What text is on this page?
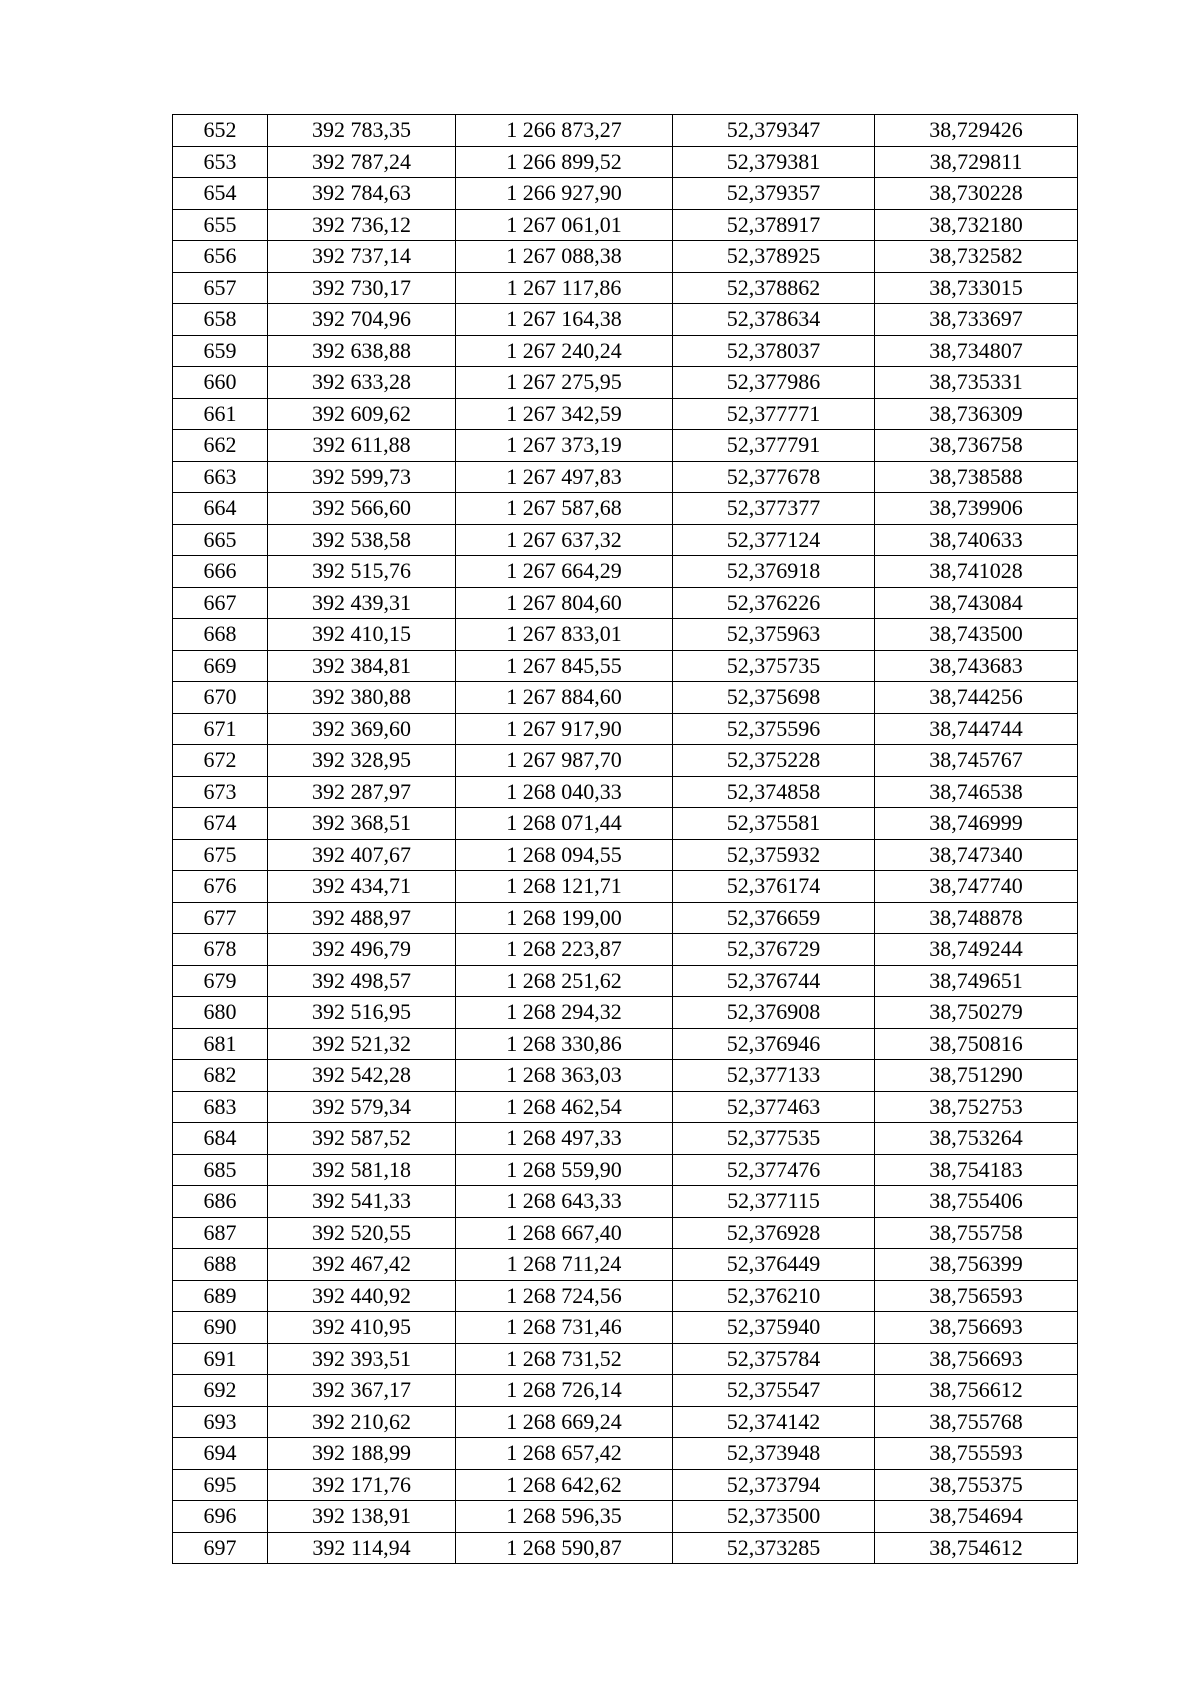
652	392 783,35	1 266 873,27	52,379347	38,729426
653	392 787,24	1 266 899,52	52,379381	38,729811
654	392 784,63	1 266 927,90	52,379357	38,730228
655	392 736,12	1 267 061,01	52,378917	38,732180
656	392 737,14	1 267 088,38	52,378925	38,732582
657	392 730,17	1 267 117,86	52,378862	38,733015
658	392 704,96	1 267 164,38	52,378634	38,733697
659	392 638,88	1 267 240,24	52,378037	38,734807
660	392 633,28	1 267 275,95	52,377986	38,735331
661	392 609,62	1 267 342,59	52,377771	38,736309
662	392 611,88	1 267 373,19	52,377791	38,736758
663	392 599,73	1 267 497,83	52,377678	38,738588
664	392 566,60	1 267 587,68	52,377377	38,739906
665	392 538,58	1 267 637,32	52,377124	38,740633
666	392 515,76	1 267 664,29	52,376918	38,741028
667	392 439,31	1 267 804,60	52,376226	38,743084
668	392 410,15	1 267 833,01	52,375963	38,743500
669	392 384,81	1 267 845,55	52,375735	38,743683
670	392 380,88	1 267 884,60	52,375698	38,744256
671	392 369,60	1 267 917,90	52,375596	38,744744
672	392 328,95	1 267 987,70	52,375228	38,745767
673	392 287,97	1 268 040,33	52,374858	38,746538
674	392 368,51	1 268 071,44	52,375581	38,746999
675	392 407,67	1 268 094,55	52,375932	38,747340
676	392 434,71	1 268 121,71	52,376174	38,747740
677	392 488,97	1 268 199,00	52,376659	38,748878
678	392 496,79	1 268 223,87	52,376729	38,749244
679	392 498,57	1 268 251,62	52,376744	38,749651
680	392 516,95	1 268 294,32	52,376908	38,750279
681	392 521,32	1 268 330,86	52,376946	38,750816
682	392 542,28	1 268 363,03	52,377133	38,751290
683	392 579,34	1 268 462,54	52,377463	38,752753
684	392 587,52	1 268 497,33	52,377535	38,753264
685	392 581,18	1 268 559,90	52,377476	38,754183
686	392 541,33	1 268 643,33	52,377115	38,755406
687	392 520,55	1 268 667,40	52,376928	38,755758
688	392 467,42	1 268 711,24	52,376449	38,756399
689	392 440,92	1 268 724,56	52,376210	38,756593
690	392 410,95	1 268 731,46	52,375940	38,756693
691	392 393,51	1 268 731,52	52,375784	38,756693
692	392 367,17	1 268 726,14	52,375547	38,756612
693	392 210,62	1 268 669,24	52,374142	38,755768
694	392 188,99	1 268 657,42	52,373948	38,755593
695	392 171,76	1 268 642,62	52,373794	38,755375
696	392 138,91	1 268 596,35	52,373500	38,754694
697	392 114,94	1 268 590,87	52,373285	38,754612
